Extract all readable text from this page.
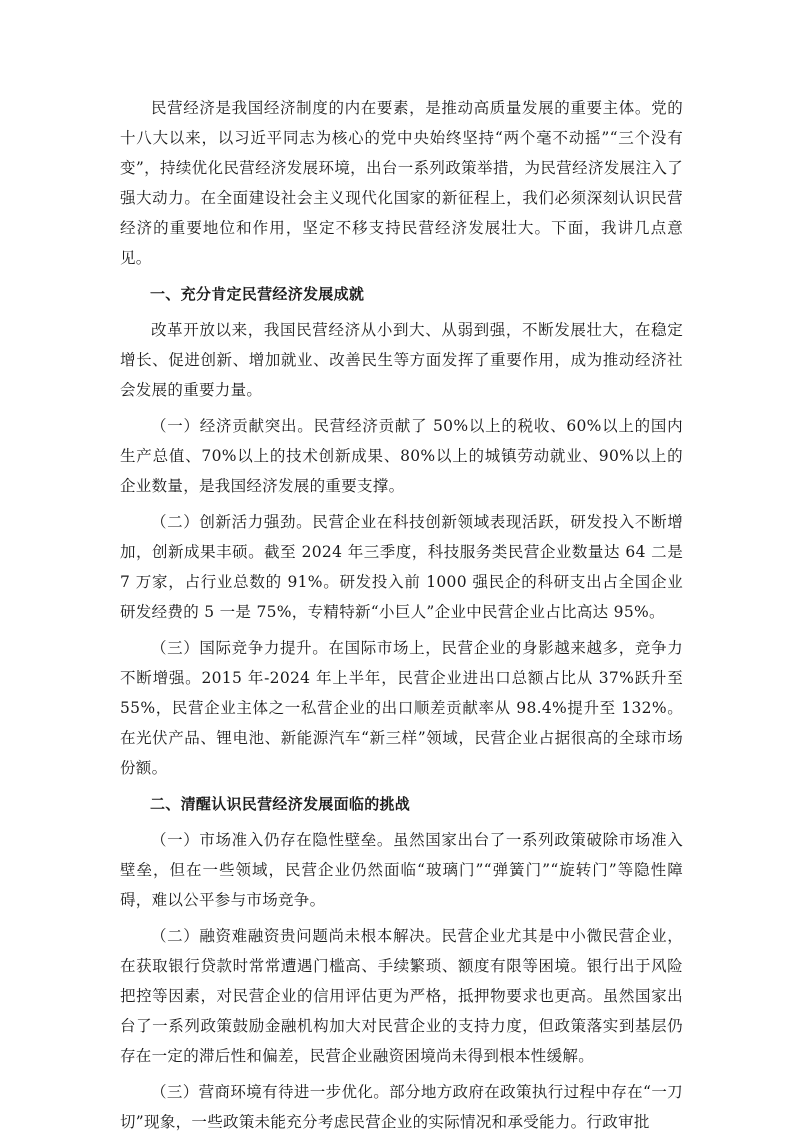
民营经济是我国经济制度的内在要素，是推动高质量发展的重要主体。党的十八大以来，以习近平同志为核心的党中央始终坚持“两个毫不动摇”“三个没有变”，持续优化民营经济发展环境，出台一系列政策举措，为民营经济发展注入了强大动力。在全面建设社会主义现代化国家的新征程上，我们必须深刻认识民营经济的重要地位和作用，坚定不移支持民营经济发展壮大。下面，我讲几点意见。

一、充分肯定民营经济发展成就

改革开放以来，我国民营经济从小到大、从弱到强，不断发展壮大，在稳定增长、促进创新、增加就业、改善民生等方面发挥了重要作用，成为推动经济社会发展的重要力量。

（一）经济贡献突出。民营经济贡献了 50%以上的税收、60%以上的国内生产总值、70%以上的技术创新成果、80%以上的城镇劳动就业、90%以上的企业数量，是我国经济发展的重要支撑。

（二）创新活力强劲。民营企业在科技创新领域表现活跃，研发投入不断增加，创新成果丰硕。截至 2024 年三季度，科技服务类民营企业数量达 64 二是 7 万家，占行业总数的 91%。研发投入前 1000 强民企的科研支出占全国企业研发经费的 5 一是 75%，专精特新“小巨人”企业中民营企业占比高达 95%。

（三）国际竞争力提升。在国际市场上，民营企业的身影越来越多，竞争力不断增强。2015 年-2024 年上半年，民营企业进出口总额占比从 37%跃升至 55%，民营企业主体之一私营企业的出口顺差贡献率从 98.4%提升至 132%。在光伏产品、锂电池、新能源汽车“新三样”领域，民营企业占据很高的全球市场份额。

二、清醒认识民营经济发展面临的挑战

（一）市场准入仍存在隐性壁垒。虽然国家出台了一系列政策破除市场准入壁垒，但在一些领域，民营企业仍然面临“玻璃门”“弹簧门”“旋转门”等隐性障碍，难以公平参与市场竞争。

（二）融资难融资贵问题尚未根本解决。民营企业尤其是中小微民营企业，在获取银行贷款时常常遭遇门槛高、手续繁琐、额度有限等困境。银行出于风险把控等因素，对民营企业的信用评估更为严格，抵押物要求也更高。虽然国家出台了一系列政策鼓励金融机构加大对民营企业的支持力度，但政策落实到基层仍存在一定的滞后性和偏差，民营企业融资困境尚未得到根本性缓解。

（三）营商环境有待进一步优化。部分地方政府在政策执行过程中存在“一刀切”现象，一些政策未能充分考虑民营企业的实际情况和承受能力。行政审批
